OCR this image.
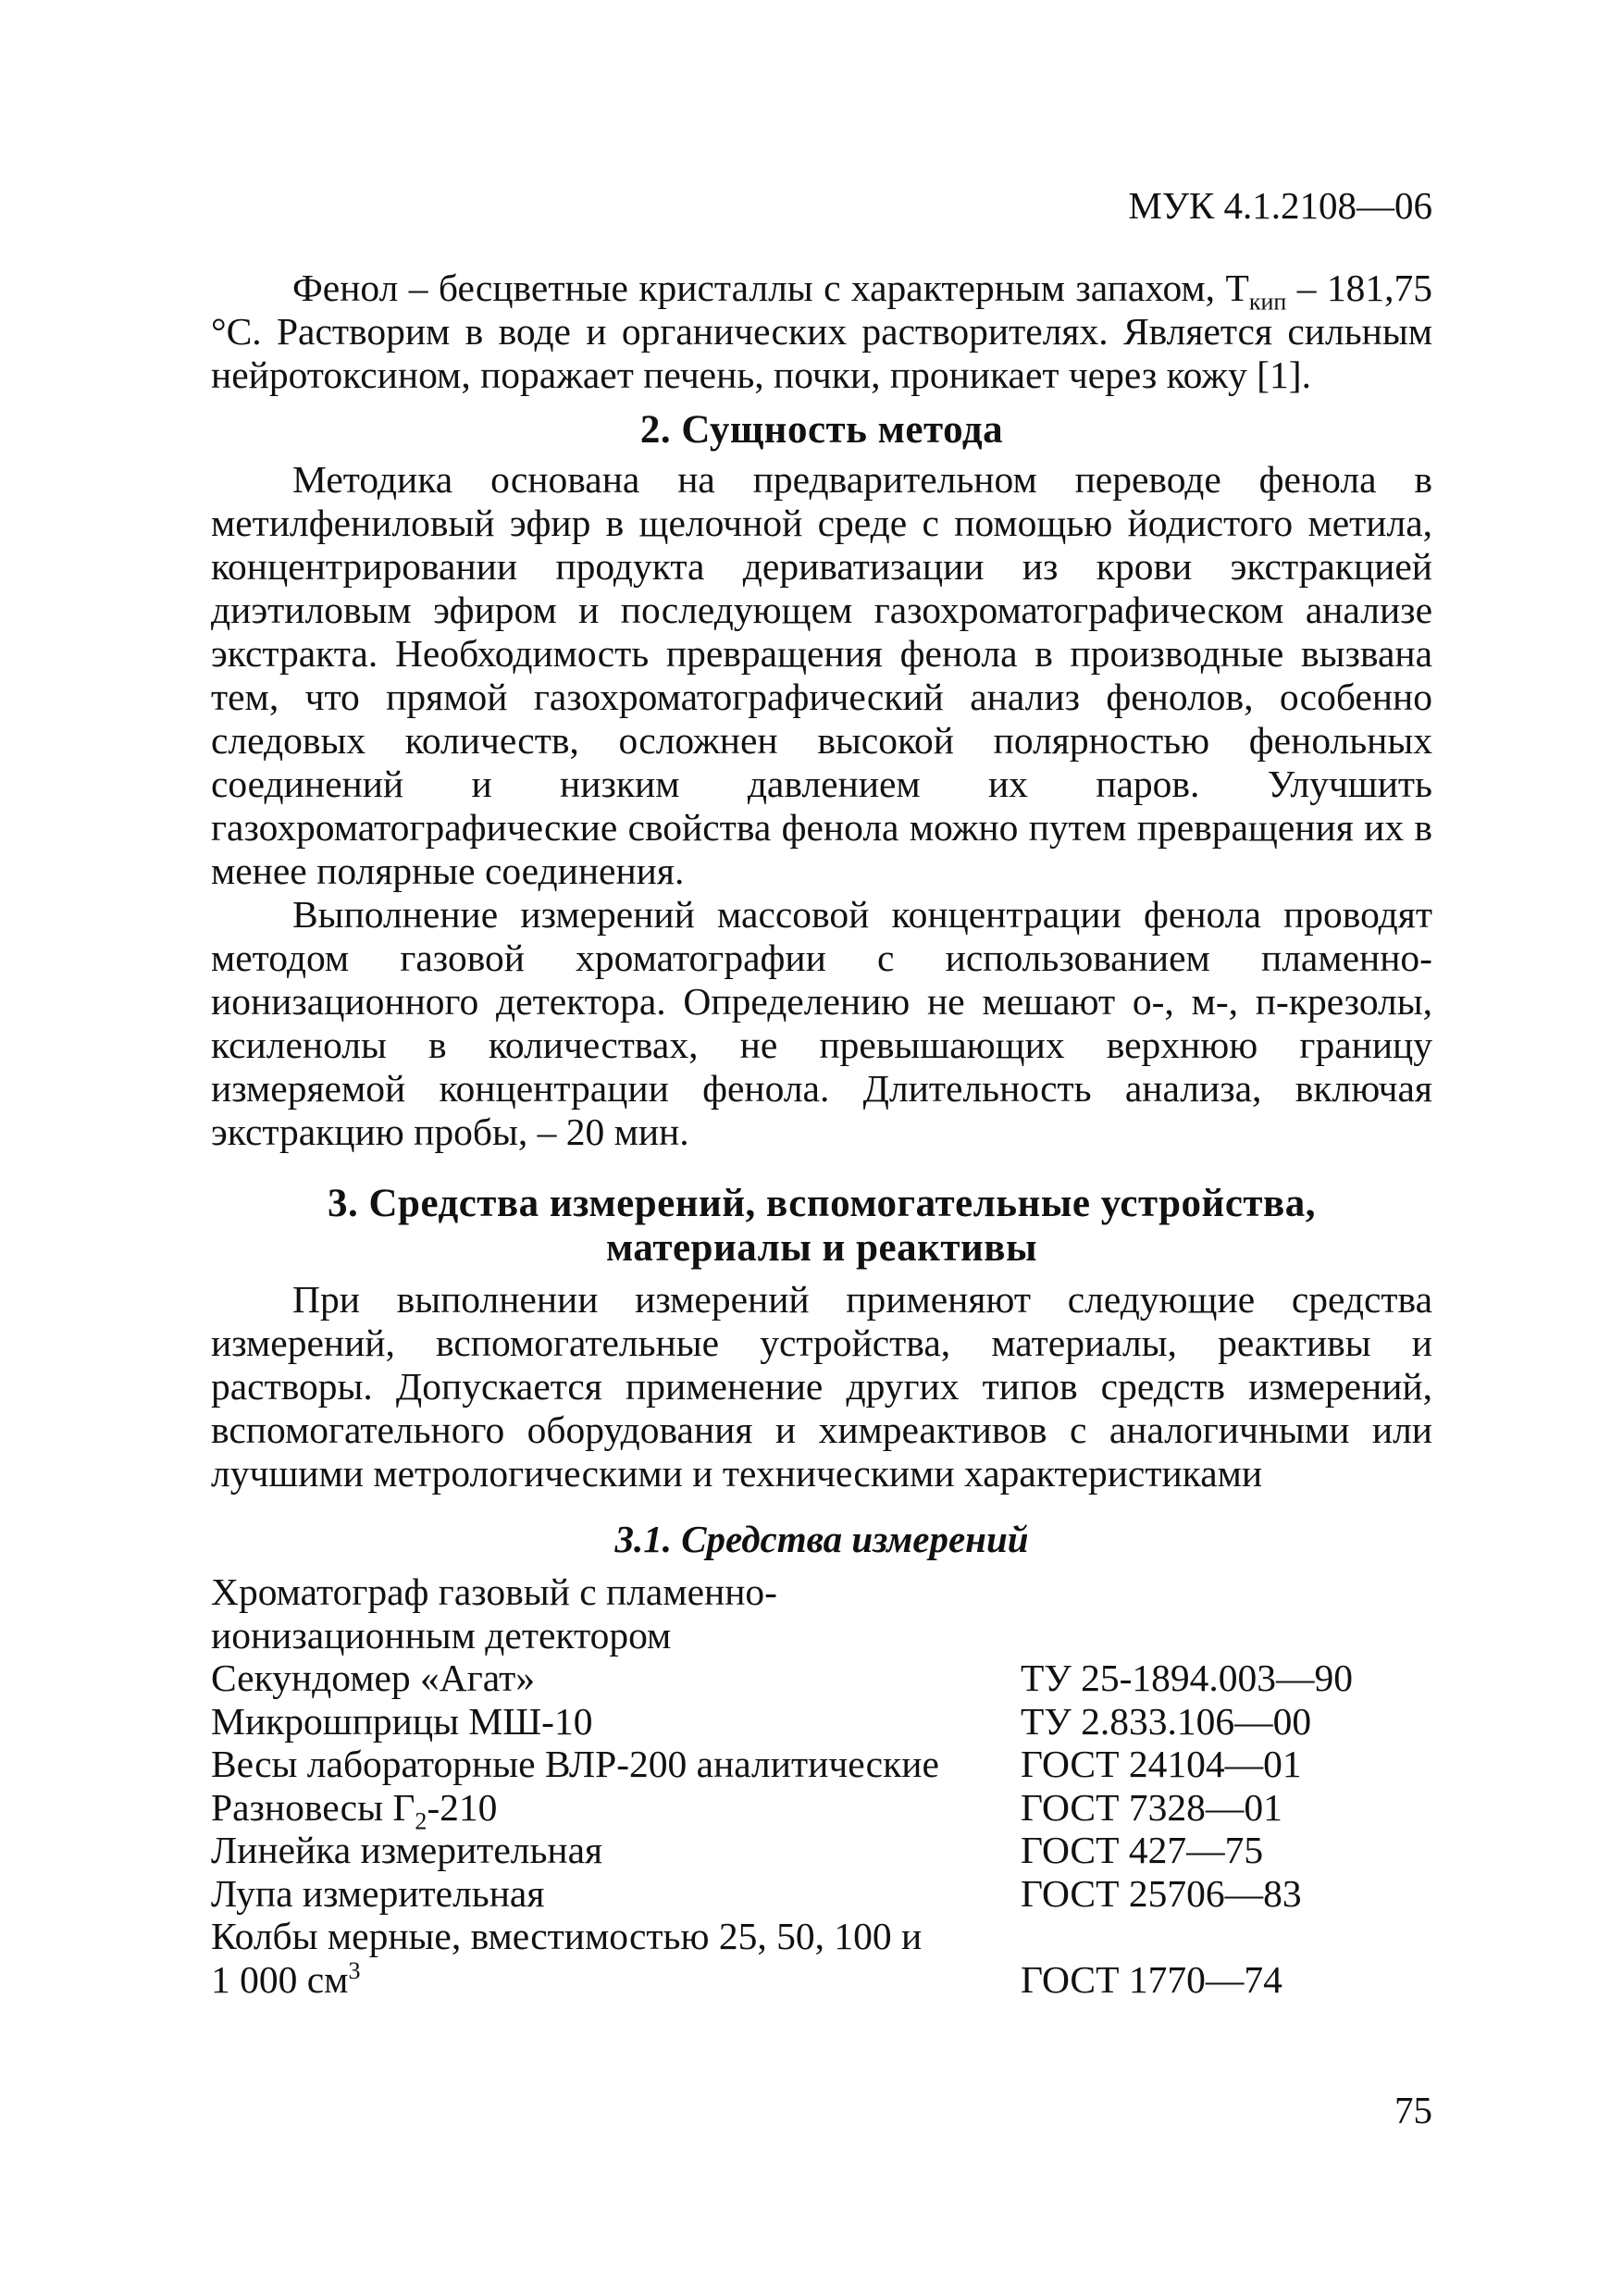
МУК 4.1.2108—06

Фенол – бесцветные кристаллы с характерным запахом, $Т_{кип} - 181,75$ °C. Растворим в воде и органических растворителях. Является сильным нейротоксином, поражает печень, почки, проникает через кожу [1].

2. Сущность метода

Методика основана на предварительном переводе фенола в метилфениловый эфир в щелочной среде с помощью йодистого метила, концентрировании продукта дериватизации из крови экстракцией диэтиловым эфиром и последующем газохроматографическом анализе экстракта. Необходимость превращения фенола в производные вызвана тем, что прямой газохроматографический анализ фенолов, особенно следовых количеств, осложнен высокой полярностью фенольных соединений и низким давлением их паров. Улучшить газохроматографические свойства фенола можно путем превращения их в менее полярные соединения.

Выполнение измерений массовой концентрации фенола проводят методом газовой хроматографии с использованием пламенно-ионизационного детектора. Определению не мешают о-, м-, п-крезолы, ксиленолы в количествах, не превышающих верхнюю границу измеряемой концентрации фенола. Длительность анализа, включая экстракцию пробы, – 20 мин.

3. Средства измерений, вспомогательные устройства,
материалы и реактивы

При выполнении измерений применяют следующие средства измерений, вспомогательные устройства, материалы, реактивы и растворы. Допускается применение других типов средств измерений, вспомогательного оборудования и химреактивов с аналогичными или лучшими метрологическими и техническими характеристиками

3.1. Средства измерений
Хроматограф газовый с пламенно-	
ионизационным детектором	
Секундомер «Агат»	ТУ 25-1894.003—90
Микрошприцы МШ-10	ТУ 2.833.106—00
Весы лабораторные ВЛР-200 аналитические	ГОСТ 24104—01
Разновесы $Г_2-210$	ГОСТ 7328—01
Линейка измерительная	ГОСТ 427—75
Лупа измерительная	ГОСТ 25706—83
Колбы мерные, вместимостью 25, 50, 100 и	
1 000 $см^3$	ГОСТ 1770—74
75
